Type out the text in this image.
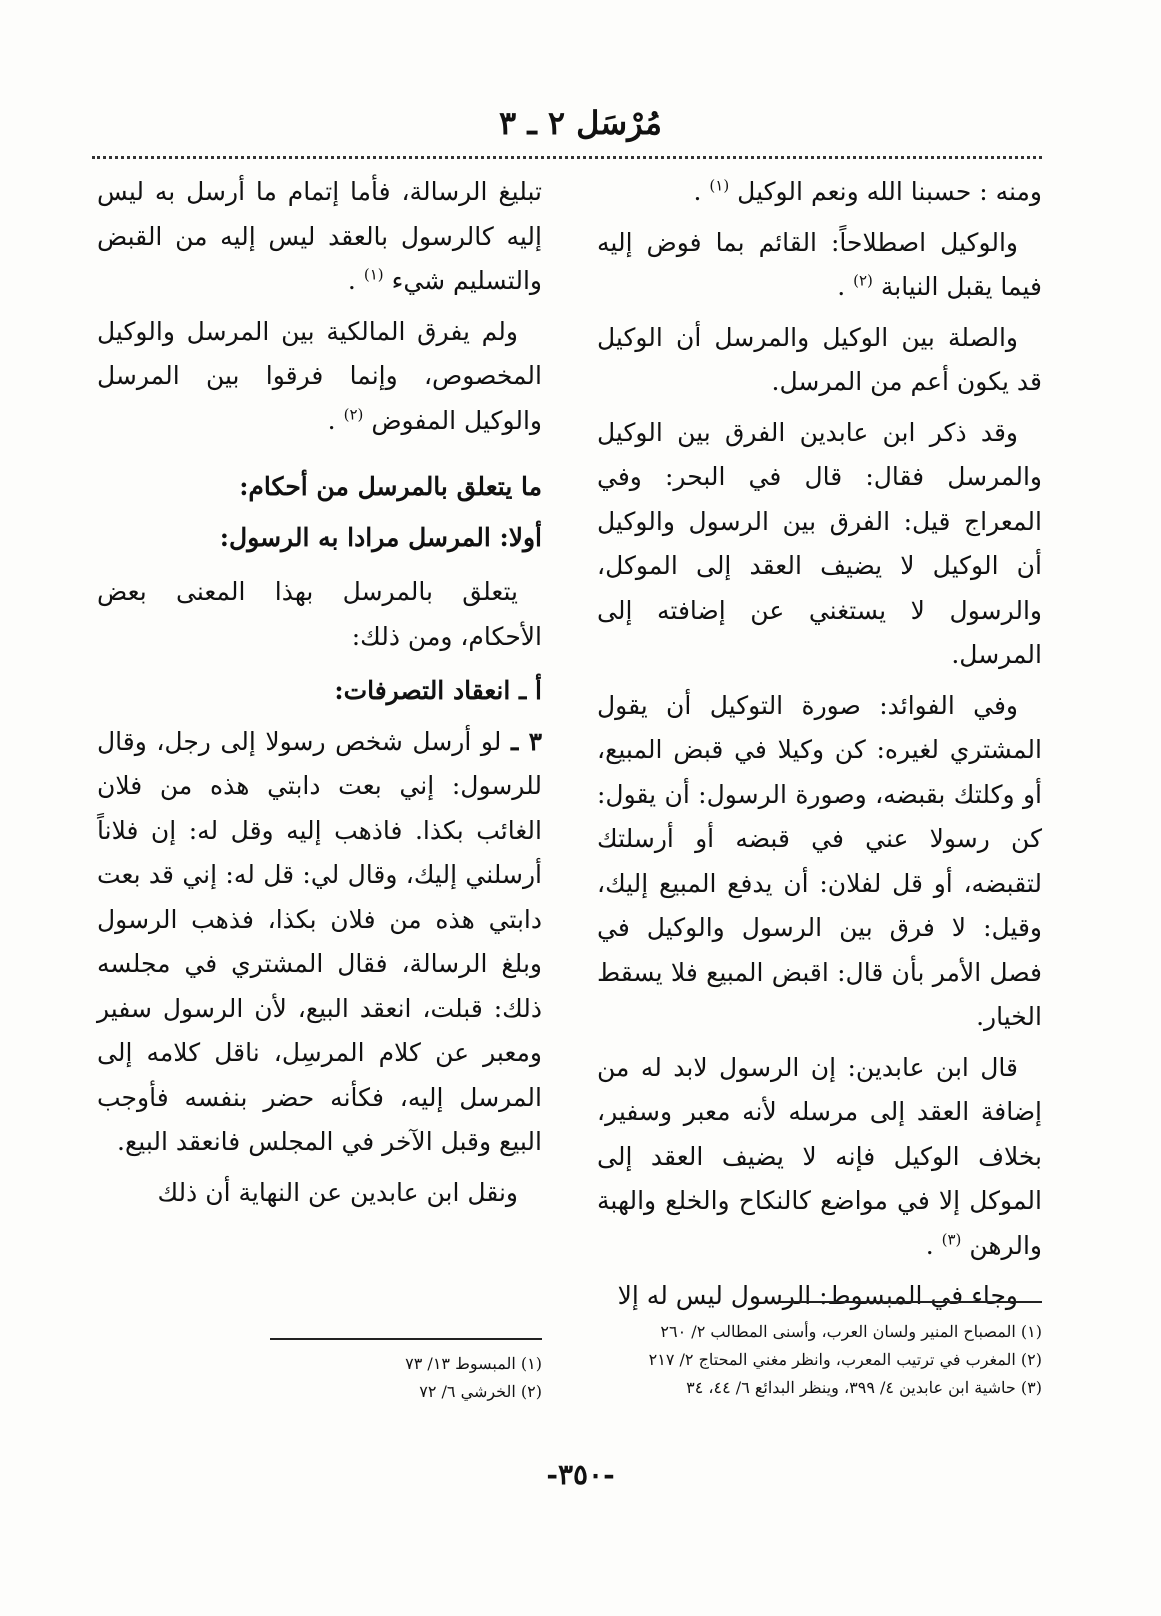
مُرْسَل ٢ ـ ٣

ومنه : حسبنا الله ونعم الوكيل $^{(١)}$ .

والوكيل اصطلاحاً: القائم بما فوض إليه فيما يقبل النيابة $^{(٢)}$ .

والصلة بين الوكيل والمرسل أن الوكيل قد يكون أعم من المرسل.

وقد ذكر ابن عابدين الفرق بين الوكيل والمرسل فقال: قال في البحر: وفي المعراج قيل: الفرق بين الرسول والوكيل أن الوكيل لا يضيف العقد إلى الموكل، والرسول لا يستغني عن إضافته إلى المرسل.

وفي الفوائد: صورة التوكيل أن يقول المشتري لغيره: كن وكيلا في قبض المبيع، أو وكلتك بقبضه، وصورة الرسول: أن يقول: كن رسولا عني في قبضه أو أرسلتك لتقبضه، أو قل لفلان: أن يدفع المبيع إليك، وقيل: لا فرق بين الرسول والوكيل في فصل الأمر بأن قال: اقبض المبيع فلا يسقط الخيار.

قال ابن عابدين: إن الرسول لابد له من إضافة العقد إلى مرسله لأنه معبر وسفير، بخلاف الوكيل فإنه لا يضيف العقد إلى الموكل إلا في مواضع كالنكاح والخلع والهبة والرهن $^{(٣)}$ .

وجاء في المبسوط: الرسول ليس له إلا

تبليغ الرسالة، فأما إتمام ما أرسل به ليس إليه كالرسول بالعقد ليس إليه من القبض والتسليم شيء $^{(١)}$ .

ولم يفرق المالكية بين المرسل والوكيل المخصوص، وإنما فرقوا بين المرسل والوكيل المفوض $^{(٢)}$ .

ما يتعلق بالمرسل من أحكام:

أولا: المرسل مرادا به الرسول:

يتعلق بالمرسل بهذا المعنى بعض الأحكام، ومن ذلك:

أ ـ انعقاد التصرفات:

٣ ـ لو أرسل شخص رسولا إلى رجل، وقال للرسول: إني بعت دابتي هذه من فلان الغائب بكذا. فاذهب إليه وقل له: إن فلاناً أرسلني إليك، وقال لي: قل له: إني قد بعت دابتي هذه من فلان بكذا، فذهب الرسول وبلغ الرسالة، فقال المشتري في مجلسه ذلك: قبلت، انعقد البيع، لأن الرسول سفير ومعبر عن كلام المرسِل، ناقل كلامه إلى المرسل إليه، فكأنه حضر بنفسه فأوجب البيع وقبل الآخر في المجلس فانعقد البيع.

ونقل ابن عابدين عن النهاية أن ذلك

(١) المصباح المنير ولسان العرب، وأسنى المطالب ٢/ ٢٦٠
(٢) المغرب في ترتيب المعرب، وانظر مغني المحتاج ٢/ ٢١٧
(٣) حاشية ابن عابدين ٤/ ٣٩٩، وينظر البدائع ٦/ ٤٤، ٣٤
(١) المبسوط ١٣/ ٧٣
(٢) الخرشي ٦/ ٧٢
-٣٥٠-
